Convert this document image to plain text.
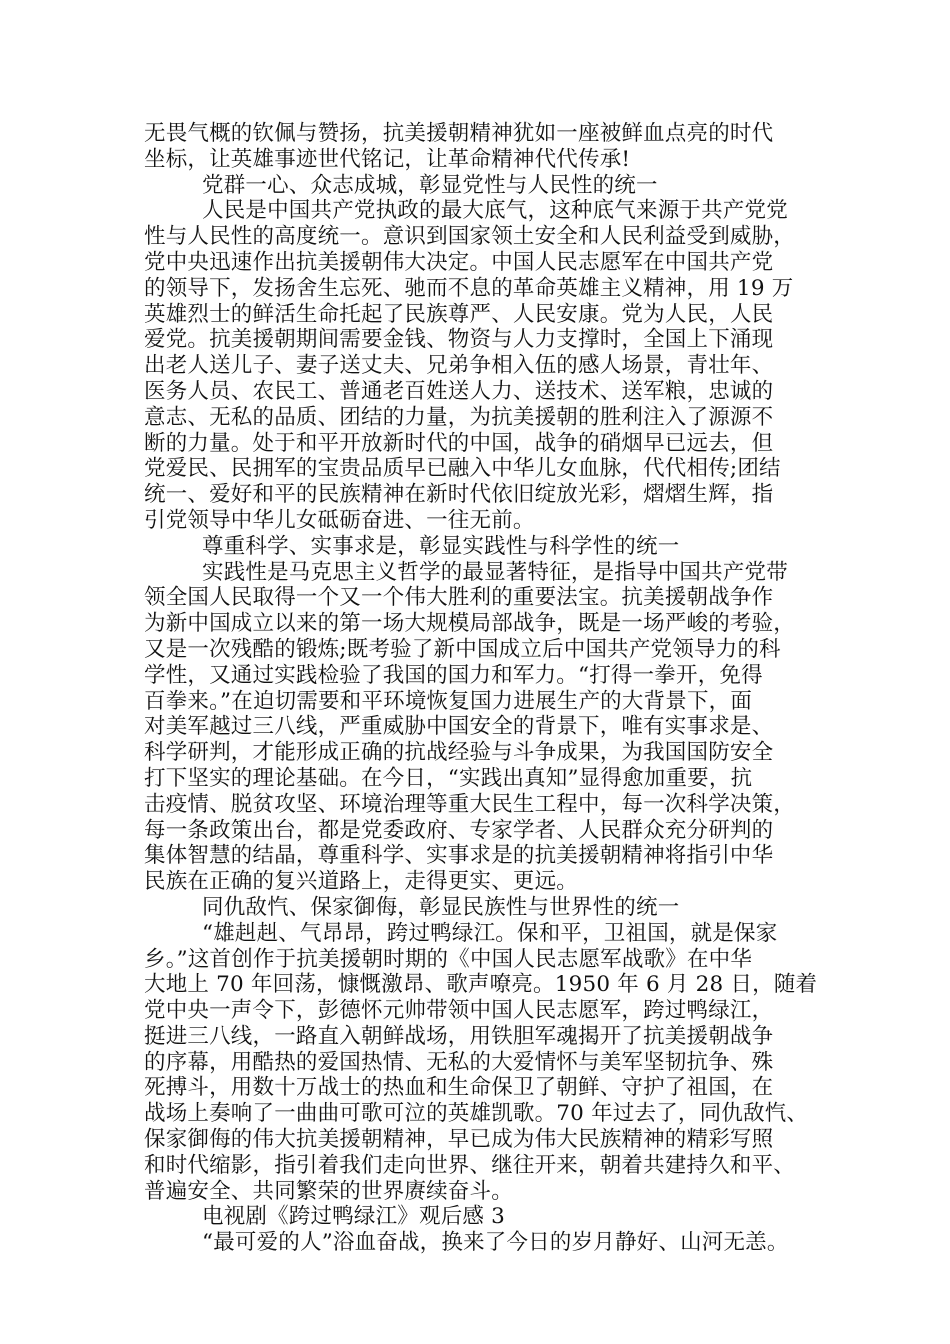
无畏气概的钦佩与赞扬，抗美援朝精神犹如一座被鲜血点亮的时代
坐标，让英雄事迹世代铭记，让革命精神代代传承!
党群一心、众志成城，彰显党性与人民性的统一
人民是中国共产党执政的最大底气，这种底气来源于共产党党
性与人民性的高度统一。意识到国家领土安全和人民利益受到威胁，
党中央迅速作出抗美援朝伟大决定。中国人民志愿军在中国共产党
的领导下，发扬舍生忘死、驰而不息的革命英雄主义精神，用 19 万
英雄烈士的鲜活生命托起了民族尊严、人民安康。党为人民，人民
爱党。抗美援朝期间需要金钱、物资与人力支撑时，全国上下涌现
出老人送儿子、妻子送丈夫、兄弟争相入伍的感人场景，青壮年、
医务人员、农民工、普通老百姓送人力、送技术、送军粮，忠诚的
意志、无私的品质、团结的力量，为抗美援朝的胜利注入了源源不
断的力量。处于和平开放新时代的中国，战争的硝烟早已远去，但
党爱民、民拥军的宝贵品质早已融入中华儿女血脉，代代相传;团结
统一、爱好和平的民族精神在新时代依旧绽放光彩，熠熠生辉，指
引党领导中华儿女砥砺奋进、一往无前。
尊重科学、实事求是，彰显实践性与科学性的统一
实践性是马克思主义哲学的最显著特征，是指导中国共产党带
领全国人民取得一个又一个伟大胜利的重要法宝。抗美援朝战争作
为新中国成立以来的第一场大规模局部战争，既是一场严峻的考验，
又是一次残酷的锻炼;既考验了新中国成立后中国共产党领导力的科
学性，又通过实践检验了我国的国力和军力。“打得一拳开，免得
百拳来。”在迫切需要和平环境恢复国力进展生产的大背景下，面
对美军越过三八线，严重威胁中国安全的背景下，唯有实事求是、
科学研判，才能形成正确的抗战经验与斗争成果，为我国国防安全
打下坚实的理论基础。在今日，“实践出真知”显得愈加重要，抗
击疫情、脱贫攻坚、环境治理等重大民生工程中，每一次科学决策，
每一条政策出台，都是党委政府、专家学者、人民群众充分研判的
集体智慧的结晶，尊重科学、实事求是的抗美援朝精神将指引中华
民族在正确的复兴道路上，走得更实、更远。
同仇敌忾、保家御侮，彰显民族性与世界性的统一
“雄赳赳、气昂昂，跨过鸭绿江。保和平，卫祖国，就是保家
乡。”这首创作于抗美援朝时期的《中国人民志愿军战歌》在中华
大地上 70 年回荡，慷慨激昂、歌声嘹亮。1950 年 6 月 28 日，随着
党中央一声令下，彭德怀元帅带领中国人民志愿军，跨过鸭绿江，
挺进三八线，一路直入朝鲜战场，用铁胆军魂揭开了抗美援朝战争
的序幕，用酷热的爱国热情、无私的大爱情怀与美军坚韧抗争、殊
死搏斗，用数十万战士的热血和生命保卫了朝鲜、守护了祖国，在
战场上奏响了一曲曲可歌可泣的英雄凯歌。70 年过去了，同仇敌忾、
保家御侮的伟大抗美援朝精神，早已成为伟大民族精神的精彩写照
和时代缩影，指引着我们走向世界、继往开来，朝着共建持久和平、
普遍安全、共同繁荣的世界赓续奋斗。
电视剧《跨过鸭绿江》观后感 3
“最可爱的人”浴血奋战，换来了今日的岁月静好、山河无恙。
